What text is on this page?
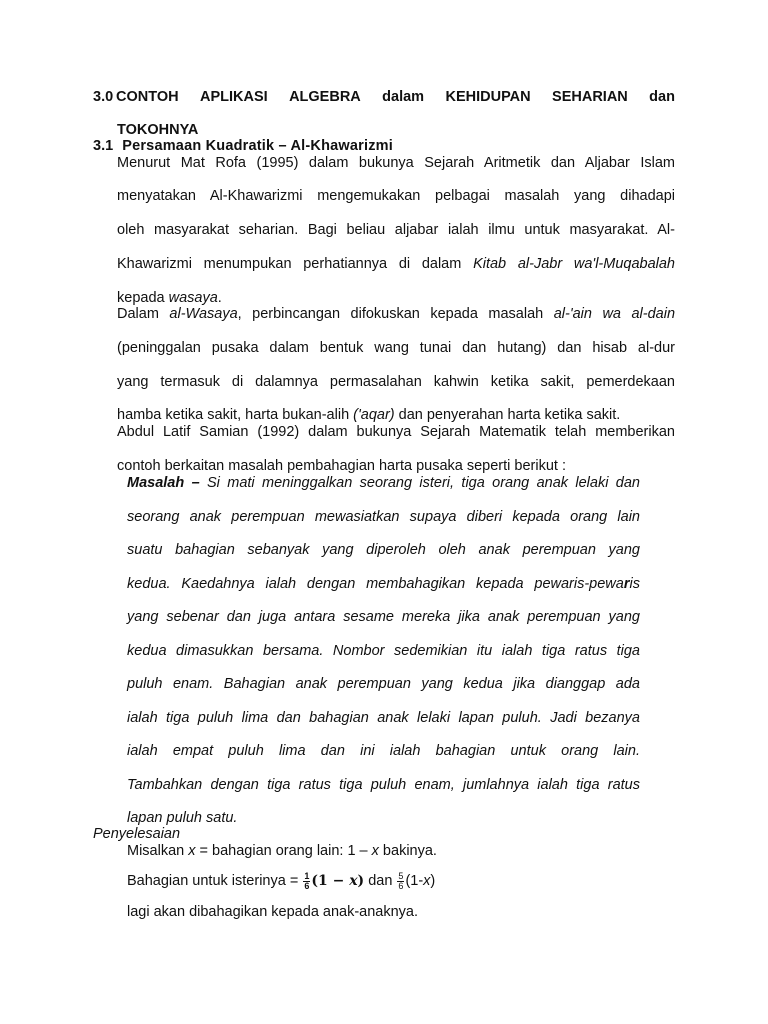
3.0 CONTOH APLIKASI ALGEBRA dalam KEHIDUPAN SEHARIAN dan
TOKOHNYA
3.1 Persamaan Kuadratik – Al-Khawarizmi
Menurut Mat Rofa (1995) dalam bukunya Sejarah Aritmetik dan Aljabar Islam
menyatakan Al-Khawarizmi mengemukakan pelbagai masalah yang dihadapi
oleh masyarakat seharian. Bagi beliau aljabar ialah ilmu untuk masyarakat. Al-
Khawarizmi menumpukan perhatiannya di dalam Kitab al-Jabr wa'l-Muqabalah
kepada wasaya.
Dalam al-Wasaya, perbincangan difokuskan kepada masalah al-'ain wa al-dain
(peninggalan pusaka dalam bentuk wang tunai dan hutang) dan hisab al-dur
yang termasuk di dalamnya permasalahan kahwin ketika sakit, pemerdekaan
hamba ketika sakit, harta bukan-alih ('aqar) dan penyerahan harta ketika sakit.
Abdul Latif Samian (1992) dalam bukunya Sejarah Matematik telah memberikan
contoh berkaitan masalah pembahagian harta pusaka seperti berikut :
Masalah – Si mati meninggalkan seorang isteri, tiga orang anak lelaki dan
seorang anak perempuan mewasiatkan supaya diberi kepada orang lain
suatu bahagian sebanyak yang diperoleh oleh anak perempuan yang
kedua. Kaedahnya ialah dengan membahagikan kepada pewaris-pewaris
yang sebenar dan juga antara sesame mereka jika anak perempuan yang
kedua dimasukkan bersama. Nombor sedemikian itu ialah tiga ratus tiga
puluh enam. Bahagian anak perempuan yang kedua jika dianggap ada
ialah tiga puluh lima dan bahagian anak lelaki lapan puluh. Jadi bezanya
ialah empat puluh lima dan ini ialah bahagian untuk orang lain.
Tambahkan dengan tiga ratus tiga puluh enam, jumlahnya ialah tiga ratus
lapan puluh satu.
Penyelesaian
Misalkan x = bahagian orang lain: 1 – x bakinya.
Bahagian untuk isterinya = $\frac{1}{6} (1 - x)$ dan $\frac{5}{6} (1-x)$
lagi akan dibahagikan kepada anak-anaknya.
